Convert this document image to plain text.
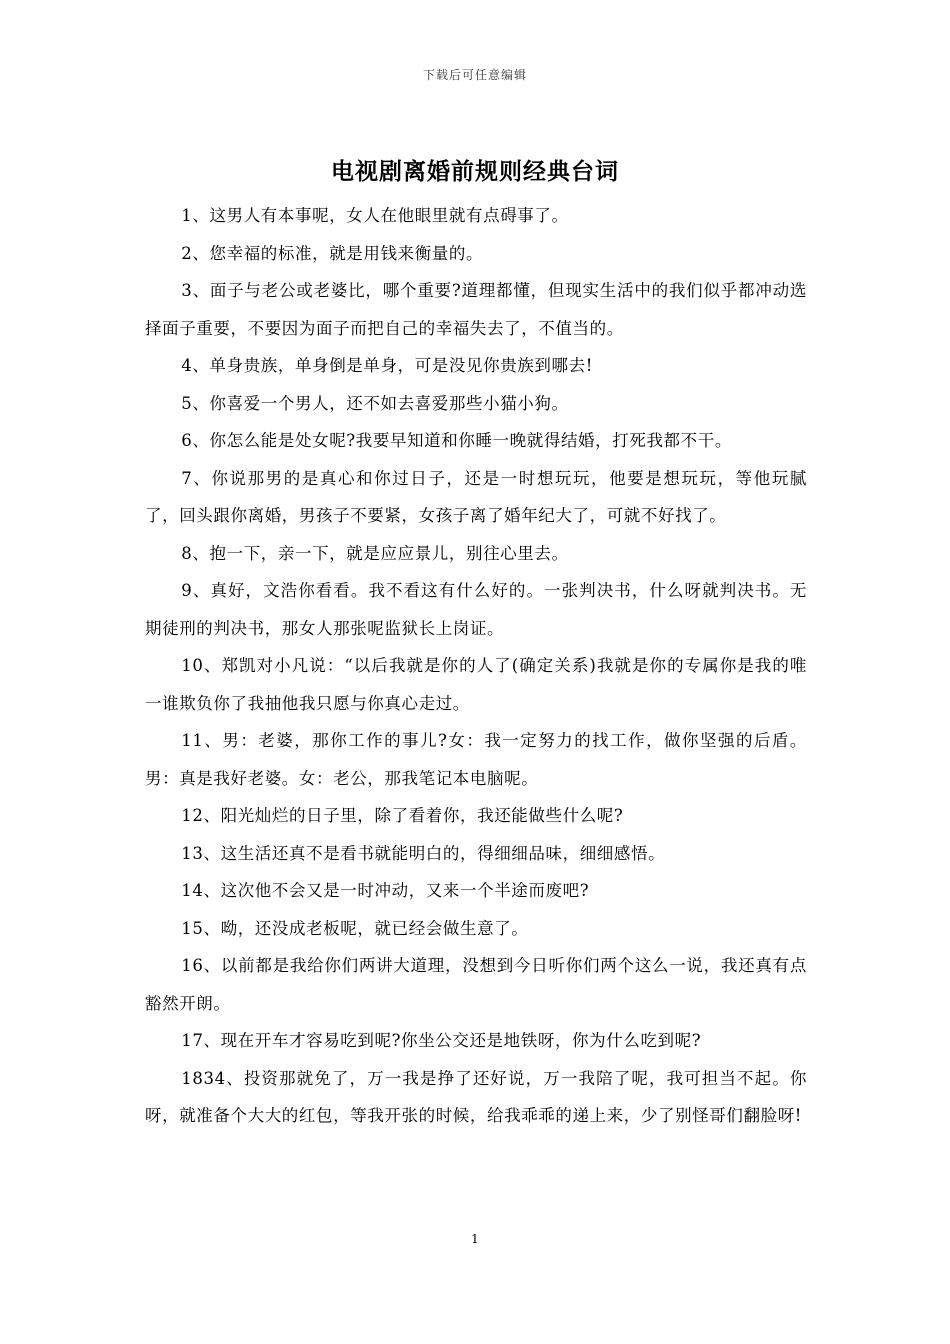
下载后可任意编辑
电视剧离婚前规则经典台词

1、这男人有本事呢，女人在他眼里就有点碍事了。

2、您幸福的标准，就是用钱来衡量的。

3、面子与老公或老婆比，哪个重要?道理都懂，但现实生活中的我们似乎都冲动选择面子重要，不要因为面子而把自己的幸福失去了，不值当的。

4、单身贵族，单身倒是单身，可是没见你贵族到哪去!

5、你喜爱一个男人，还不如去喜爱那些小猫小狗。

6、你怎么能是处女呢?我要早知道和你睡一晚就得结婚，打死我都不干。

7、你说那男的是真心和你过日子，还是一时想玩玩，他要是想玩玩，等他玩腻了，回头跟你离婚，男孩子不要紧，女孩子离了婚年纪大了，可就不好找了。

8、抱一下，亲一下，就是应应景儿，别往心里去。

9、真好，文浩你看看。我不看这有什么好的。一张判决书，什么呀就判决书。无期徒刑的判决书，那女人那张呢监狱长上岗证。

10、郑凯对小凡说：“以后我就是你的人了(确定关系)我就是你的专属你是我的唯一谁欺负你了我抽他我只愿与你真心走过。

11、男：老婆，那你工作的事儿?女：我一定努力的找工作，做你坚强的后盾。男：真是我好老婆。女：老公，那我笔记本电脑呢。

12、阳光灿烂的日子里，除了看着你，我还能做些什么呢?

13、这生活还真不是看书就能明白的，得细细品味，细细感悟。

14、这次他不会又是一时冲动，又来一个半途而废吧?

15、呦，还没成老板呢，就已经会做生意了。

16、以前都是我给你们两讲大道理，没想到今日听你们两个这么一说，我还真有点豁然开朗。

17、现在开车才容易吃到呢?你坐公交还是地铁呀，你为什么吃到呢?

1834、投资那就免了，万一我是挣了还好说，万一我陪了呢，我可担当不起。你呀，就准备个大大的红包，等我开张的时候，给我乖乖的递上来，少了别怪哥们翻脸呀!

1
